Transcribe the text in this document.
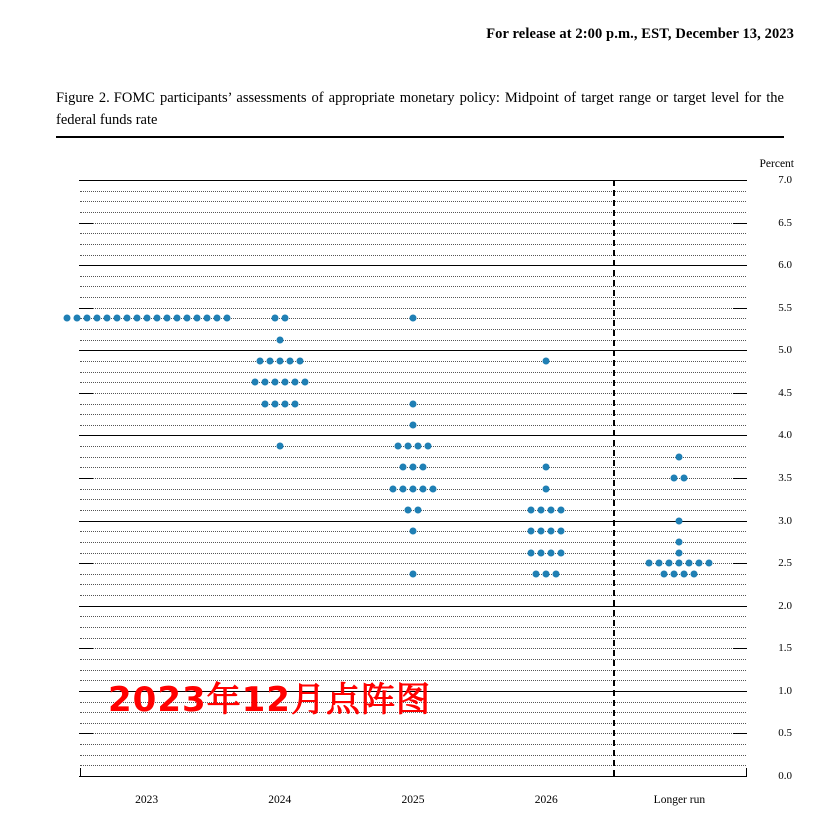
For release at 2:00 p.m., EST, December 13, 2023
Figure 2. FOMC participants’ assessments of appropriate monetary policy: Midpoint of target range or target level for the federal funds rate
Percent
0.0
0.5
1.0
1.5
2.0
2.5
3.0
3.5
4.0
4.5
5.0
5.5
6.0
6.5
7.0
2023	2024	2025	2026	Longer run
2023年12月点阵图
